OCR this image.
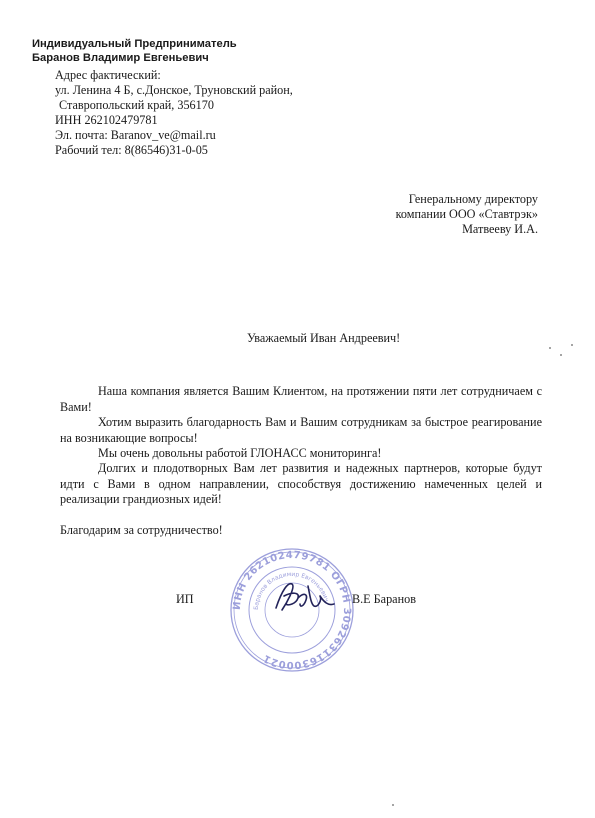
Индивидуальный Предприниматель
Баранов Владимир Евгеньевич
Адрес фактический:
ул. Ленина 4 Б, с.Донское, Труновский район,
Ставропольский край, 356170
ИНН 262102479781
Эл. почта: Baranov_ve@mail.ru
Рабочий тел: 8(86546)31-0-05
Генеральному директору
компании ООО «Ставтрэк»
Матвееву И.А.
Уважаемый Иван Андреевич!
Наша компания является Вашим Клиентом, на протяжении пяти лет сотрудничаем с Вами!
Хотим выразить благодарность Вам и Вашим сотрудникам за быстрое реагирование на возникающие вопросы!
Мы очень довольны работой ГЛОНАСС мониторинга!
Долгих и плодотворных Вам лет развития и надежных партнеров, которые будут идти с Вами в одном направлении, способствуя достижению намеченных целей и реализации грандиозных идей!
Благодарим за сотрудничество!
ИНН 262102479781 ОГРН 309263116300021
Баранов Владимир Евгеньевич
ИП	В.Е Баранов
